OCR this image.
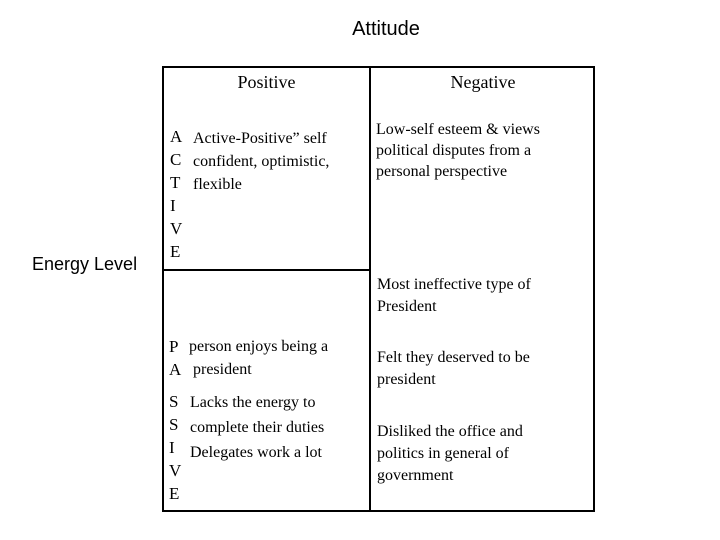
Attitude
Energy Level
Positive	Negative
A
C
T
I
V
E
Active-Positive” self
confident, optimistic,
flexible
Low-self esteem & views
political disputes from a
personal perspective
P
A
person enjoys being a
president
S
S
I
V
E
Lacks the energy to
complete their duties
Delegates work a lot
Most ineffective type of
President
Felt they deserved to be
president
Disliked the office and
politics in general of
government
